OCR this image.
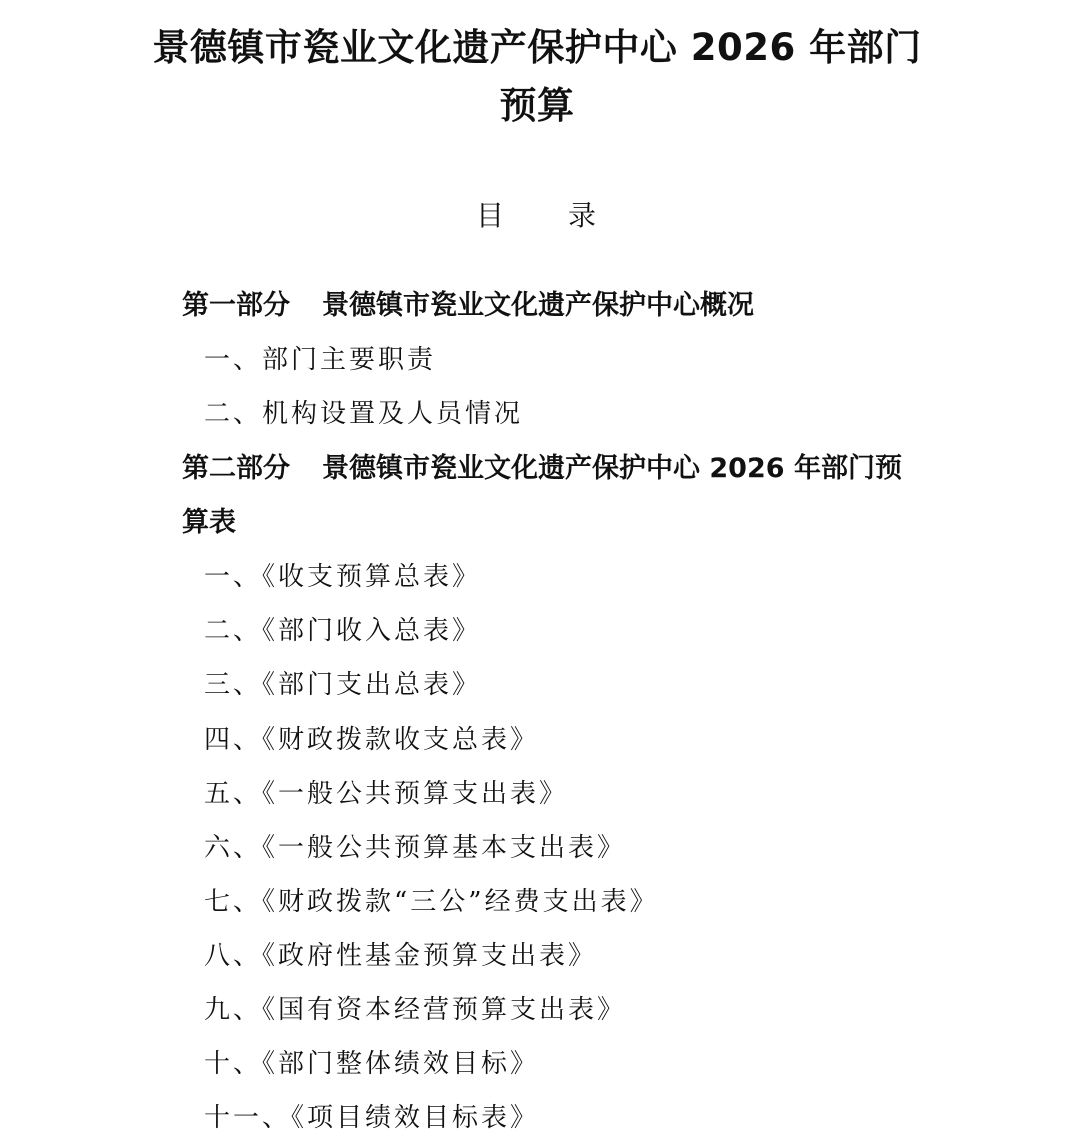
景德镇市瓷业文化遗产保护中心 2026 年部门
预算
目 录
第一部分 景德镇市瓷业文化遗产保护中心概况
一、部门主要职责
二、机构设置及人员情况
第二部分 景德镇市瓷业文化遗产保护中心 2026 年部门预
算表
一、《收支预算总表》
二、《部门收入总表》
三、《部门支出总表》
四、《财政拨款收支总表》
五、《一般公共预算支出表》
六、《一般公共预算基本支出表》
七、《财政拨款“三公”经费支出表》
八、《政府性基金预算支出表》
九、《国有资本经营预算支出表》
十、《部门整体绩效目标》
十一、《项目绩效目标表》
